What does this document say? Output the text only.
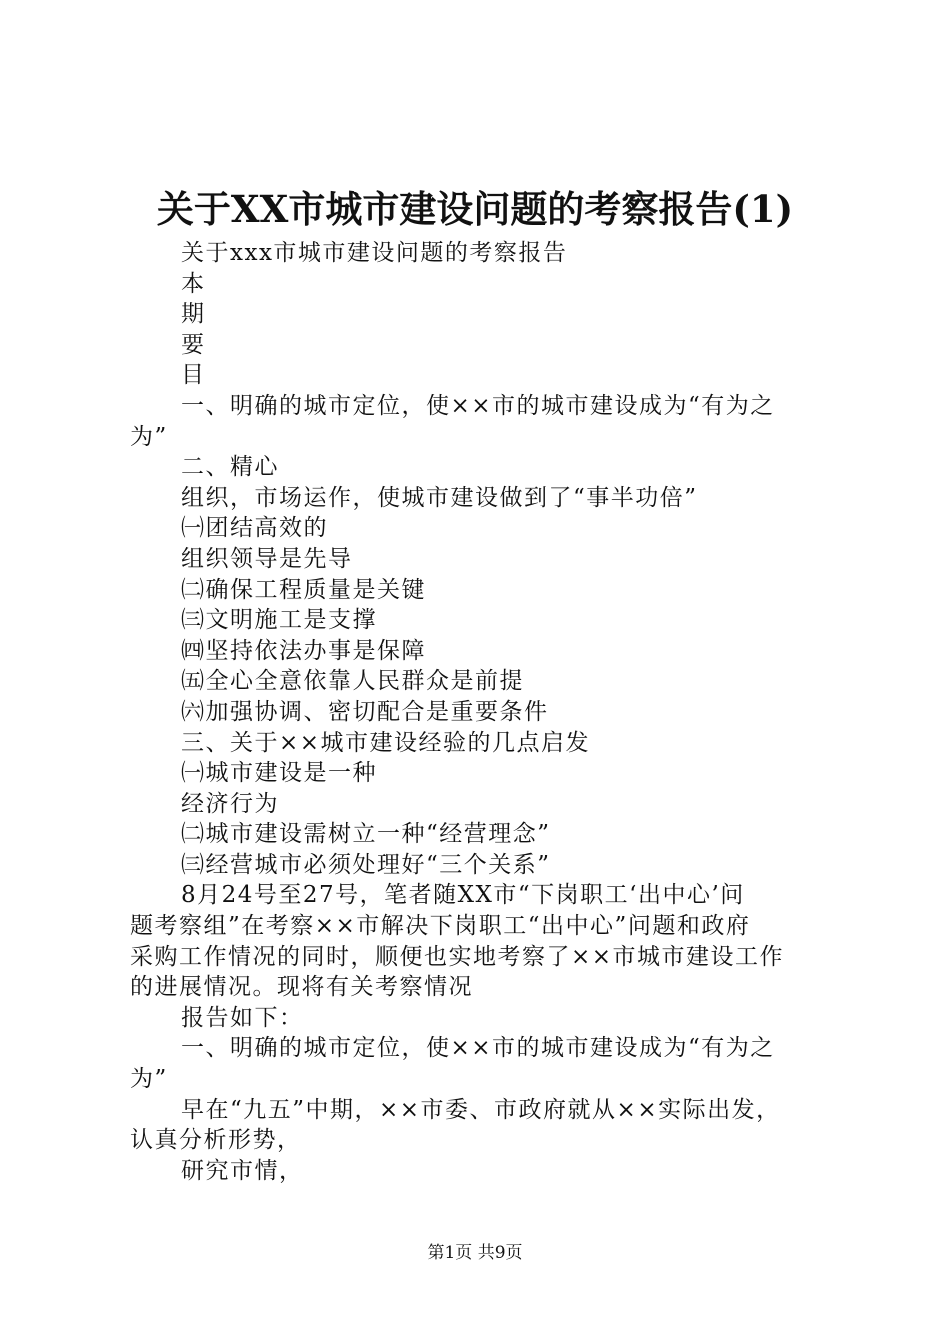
关于XX市城市建设问题的考察报告(1)
关于xxx市城市建设问题的考察报告
本
期
要
目
一、明确的城市定位，使××市的城市建设成为“有为之
为”
二、精心
组织，市场运作，使城市建设做到了“事半功倍”
㈠团结高效的
组织领导是先导
㈡确保工程质量是关键
㈢文明施工是支撑
㈣坚持依法办事是保障
㈤全心全意依靠人民群众是前提
㈥加强协调、密切配合是重要条件
三、关于××城市建设经验的几点启发
㈠城市建设是一种
经济行为
㈡城市建设需树立一种“经营理念”
㈢经营城市必须处理好“三个关系”
8月24号至27号，笔者随XX市“下岗职工‘出中心’问
题考察组”在考察××市解决下岗职工“出中心”问题和政府
采购工作情况的同时，顺便也实地考察了××市城市建设工作
的进展情况。现将有关考察情况
报告如下：
一、明确的城市定位，使××市的城市建设成为“有为之
为”
早在“九五”中期，××市委、市政府就从××实际出发，
认真分析形势，
研究市情，
第1页 共9页
